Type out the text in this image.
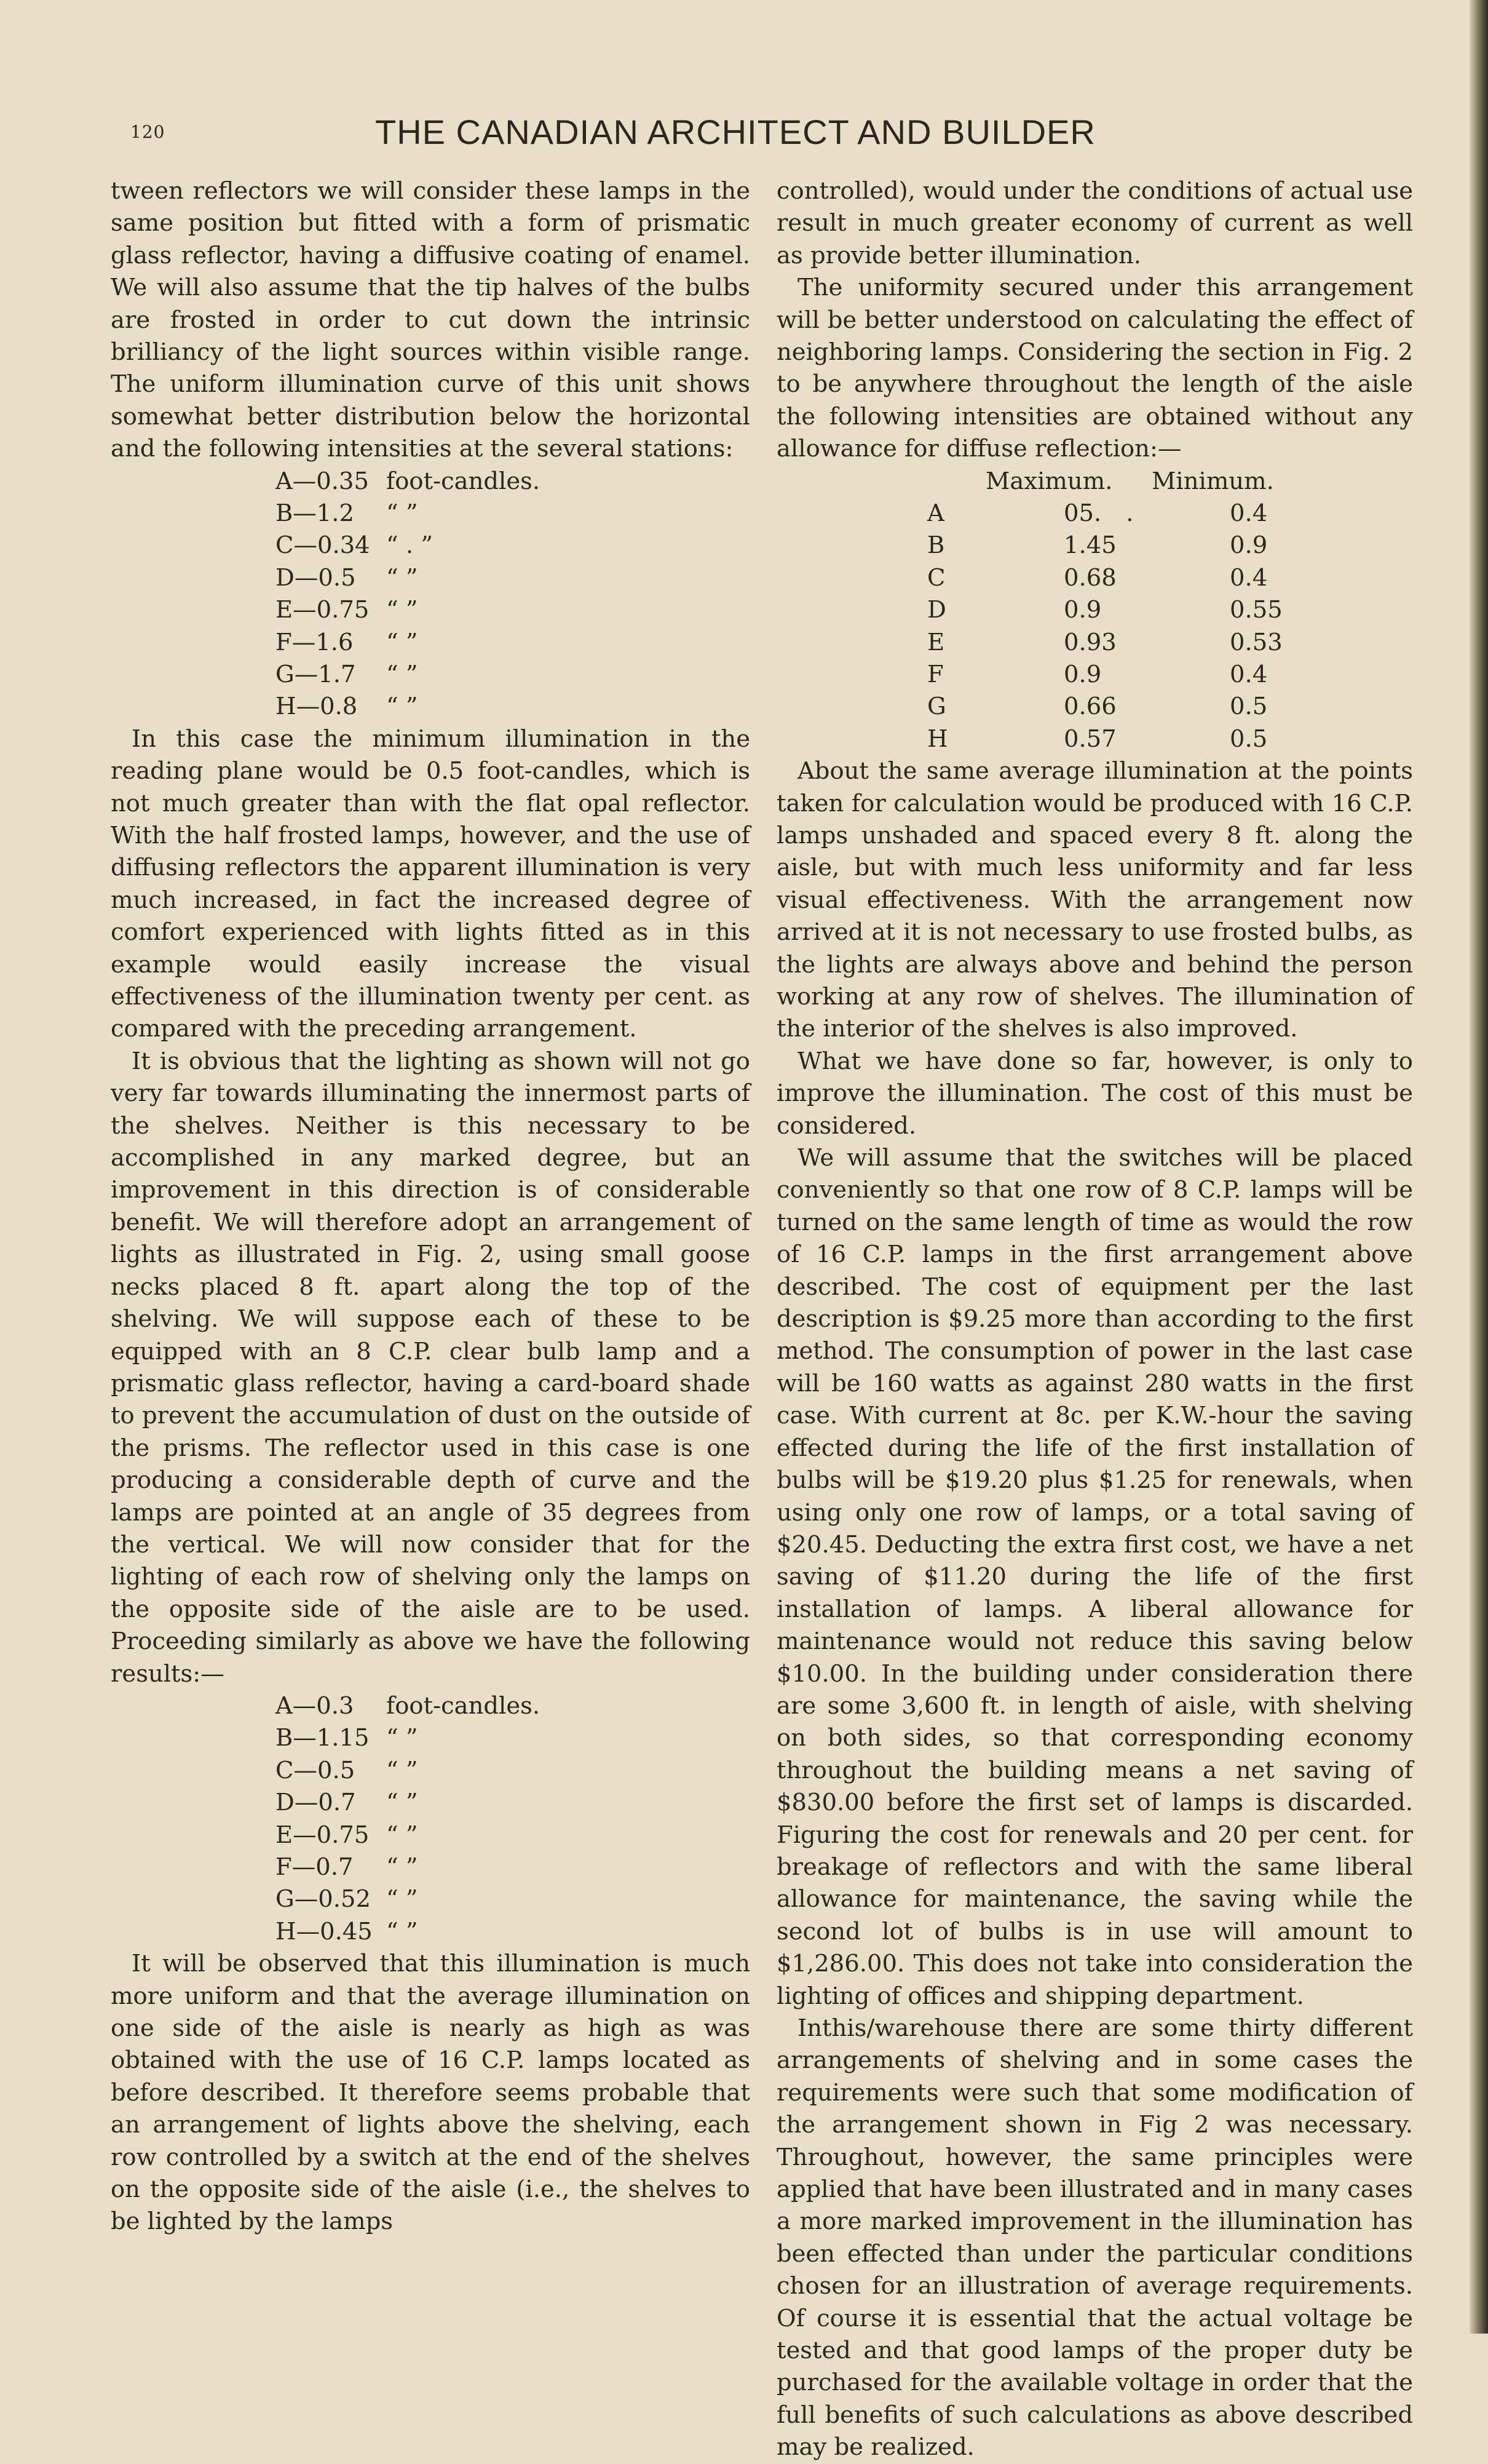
120	THE CANADIAN ARCHITECT AND BUILDER

tween reflectors we will consider these lamps in the same position but fitted with a form of prismatic glass reflector, having a diffusive coating of enamel. We will also assume that the tip halves of the bulbs are frosted in order to cut down the intrinsic brilliancy of the light sources within visible range. The uniform illumination curve of this unit shows somewhat better distribution below the horizontal and the following intensities at the several stations:

A—0.35 foot-candles.
B—1.2	“ ”
C—0.34 “ . ”
D—0.5	“ ”
E—0.75 “ ”
F—1.6	“ ”
G—1.7	“ ”
H—0.8	“ ”

In this case the minimum illumination in the reading plane would be 0.5 foot-candles, which is not much greater than with the flat opal reflector. With the half frosted lamps, however, and the use of diffusing reflectors the apparent illumination is very much increased, in fact the increased degree of comfort experienced with lights fitted as in this example would easily increase the visual effectiveness of the illumination twenty per cent. as compared with the preceding arrangement.

It is obvious that the lighting as shown will not go very far towards illuminating the innermost parts of the shelves. Neither is this necessary to be accomplished in any marked degree, but an improvement in this direction is of considerable benefit. We will therefore adopt an arrangement of lights as illustrated in Fig. 2, using small goose necks placed 8 ft. apart along the top of the shelving. We will suppose each of these to be equipped with an 8 C.P. clear bulb lamp and a prismatic glass reflector, having a card-board shade to prevent the accumulation of dust on the outside of the prisms. The reflector used in this case is one producing a considerable depth of curve and the lamps are pointed at an angle of 35 degrees from the vertical. We will now consider that for the lighting of each row of shelving only the lamps on the opposite side of the aisle are to be used. Proceeding similarly as above we have the following results:—

A—0.3	foot-candles.
B—1.15 “ ”
C—0.5	“ ”
D—0.7	“ ”
E—0.75 “ ”
F—0.7	“ ”
G—0.52 “ ”
H—0.45 “ ”

It will be observed that this illumination is much more uniform and that the average illumination on one side of the aisle is nearly as high as was obtained with the use of 16 C.P. lamps located as before described. It therefore seems probable that an arrangement of lights above the shelving, each row controlled by a switch at the end of the shelves on the opposite side of the aisle (i.e., the shelves to be lighted by the lamps

controlled), would under the conditions of actual use result in much greater economy of current as well as provide better illumination.

The uniformity secured under this arrangement will be better understood on calculating the effect of neighboring lamps. Considering the section in Fig. 2 to be anywhere throughout the length of the aisle the following intensities are obtained without any allowance for diffuse reflection:—

Maximum.	Minimum.
A	05. .	0.4
B	1.45	0.9
C	0.68	0.4
D	0.9	0.55
E	0.93	0.53
F	0.9	0.4
G	0.66	0.5
H	0.57	0.5

About the same average illumination at the points taken for calculation would be produced with 16 C.P. lamps unshaded and spaced every 8 ft. along the aisle, but with much less uniformity and far less visual effectiveness. With the arrangement now arrived at it is not necessary to use frosted bulbs, as the lights are always above and behind the person working at any row of shelves. The illumination of the interior of the shelves is also improved.

What we have done so far, however, is only to improve the illumination. The cost of this must be considered.

We will assume that the switches will be placed conveniently so that one row of 8 C.P. lamps will be turned on the same length of time as would the row of 16 C.P. lamps in the first arrangement above described. The cost of equipment per the last description is $9.25 more than according to the first method. The consumption of power in the last case will be 160 watts as against 280 watts in the first case. With current at 8c. per K.W.-hour the saving effected during the life of the first installation of bulbs will be $19.20 plus $1.25 for renewals, when using only one row of lamps, or a total saving of $20.45. Deducting the extra first cost, we have a net saving of $11.20 during the life of the first installation of lamps. A liberal allowance for maintenance would not reduce this saving below $10.00. In the building under consideration there are some 3,600 ft. in length of aisle, with shelving on both sides, so that corresponding economy throughout the building means a net saving of $830.00 before the first set of lamps is discarded. Figuring the cost for renewals and 20 per cent. for breakage of reflectors and with the same liberal allowance for maintenance, the saving while the second lot of bulbs is in use will amount to $1,286.00. This does not take into consideration the lighting of offices and shipping department.

Inthis/warehouse there are some thirty different arrangements of shelving and in some cases the requirements were such that some modification of the arrangement shown in Fig 2 was necessary. Throughout, however, the same principles were applied that have been illustrated and in many cases a more marked improvement in the illumination has been effected than under the particular conditions chosen for an illustration of average requirements. Of course it is essential that the actual voltage be tested and that good lamps of the proper duty be purchased for the available voltage in order that the full benefits of such calculations as above described may be realized.
